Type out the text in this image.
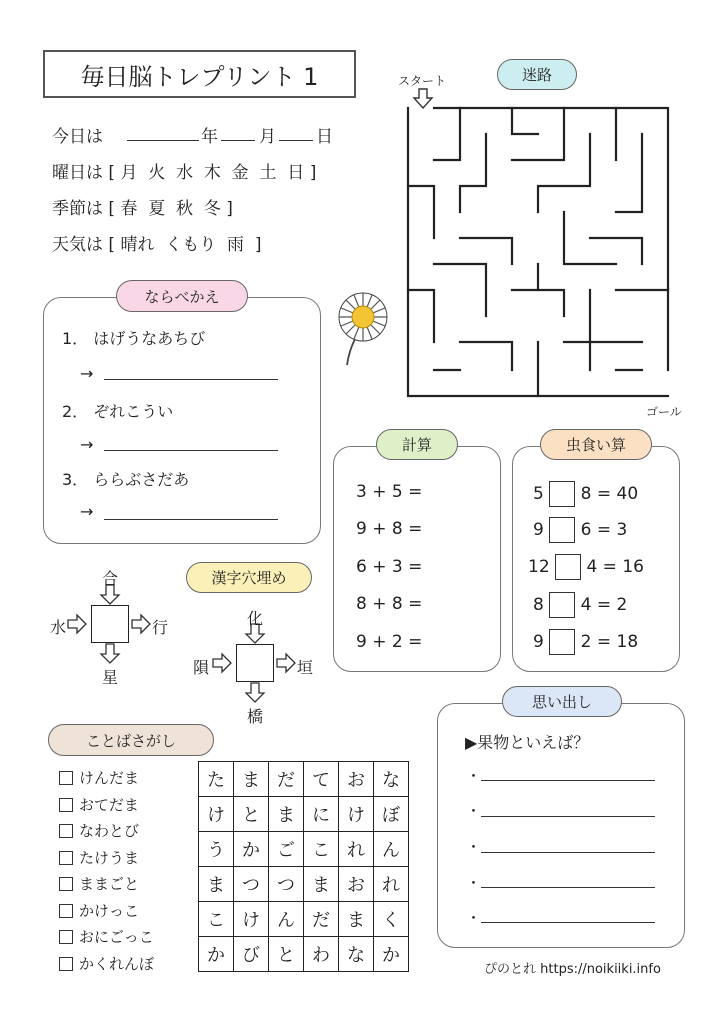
毎日脳トレプリント 1
今日は	年 月 日
曜日は [ 月  火  水  木  金  土  日 ]
季節は [ 春  夏  秋  冬 ]
天気は [ 晴れ  くもり  雨  ]
迷路
スタート
ゴール
ならべかえ
1． はげうなあちび
→
2． ぞれこうい
→
3． ららぶさだあ
→
計算
3 + 5 =
9 + 8 =
6 + 3 =
8 + 8 =
9 + 2 =
虫食い算
5 8 = 40
9 6 = 3
12 4 = 16
8 4 = 2
9 2 = 18
漢字穴埋め
合
水	行
星
化
隕	垣
橋
思い出し
▶果物といえば？
・
・
・
・
・
ことばさがし
けんだま
おてだま
なわとび
たけうま
ままごと
かけっこ
おにごっこ
かくれんぼ
た	ま	だ	て	お	な
け	と	ま	に	け	ぼ
う	か	ご	こ	れ	ん
ま	つ	つ	ま	お	れ
こ	け	ん	だ	ま	く
か	び	と	わ	な	か
ぴのとれ https://noikiiki.info
